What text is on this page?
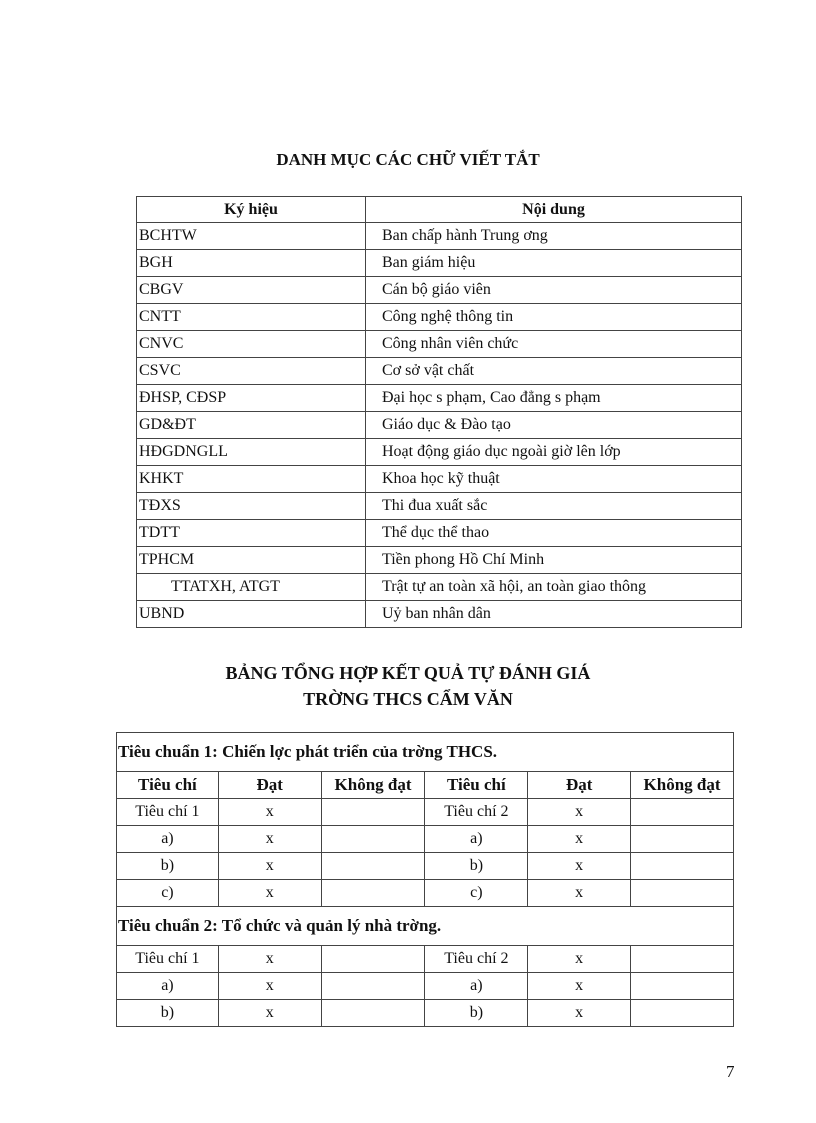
DANH MỤC CÁC CHỮ VIẾT TẮT
Ký hiệu	Nội dung
BCHTW	Ban chấp hành Trung ơng
BGH	Ban giám hiệu
CBGV	Cán bộ giáo viên
CNTT	Công nghệ thông tin
CNVC	Công nhân viên chức
CSVC	Cơ sở vật chất
ĐHSP, CĐSP	Đại học s phạm, Cao đẳng s phạm
GD&ĐT	Giáo dục & Đào tạo
HĐGDNGLL	Hoạt động giáo dục ngoài giờ lên lớp
KHKT	Khoa học kỹ thuật
TĐXS	Thi đua xuất sắc
TDTT	Thể dục thể thao
TPHCM	Tiền phong Hồ Chí Minh
TTATXH, ATGT	Trật tự an toàn xã hội, an toàn giao thông
UBND	Uỷ ban nhân dân
BẢNG TỔNG HỢP KẾT QUẢ TỰ ĐÁNH GIÁ
TRỜNG THCS CẨM VĂN
Tiêu chuẩn 1: Chiến lợc phát triển của trờng THCS.					
Tiêu chí	Đạt	Không đạt	Tiêu chí	Đạt	Không đạt
Tiêu chí 1	x		Tiêu chí 2	x	
a)	x		a)	x	
b)	x		b)	x	
c)	x		c)	x	
Tiêu chuẩn 2: Tổ chức và quản lý nhà trờng.					
Tiêu chí 1	x		Tiêu chí 2	x	
a)	x		a)	x	
b)	x		b)	x	
7
